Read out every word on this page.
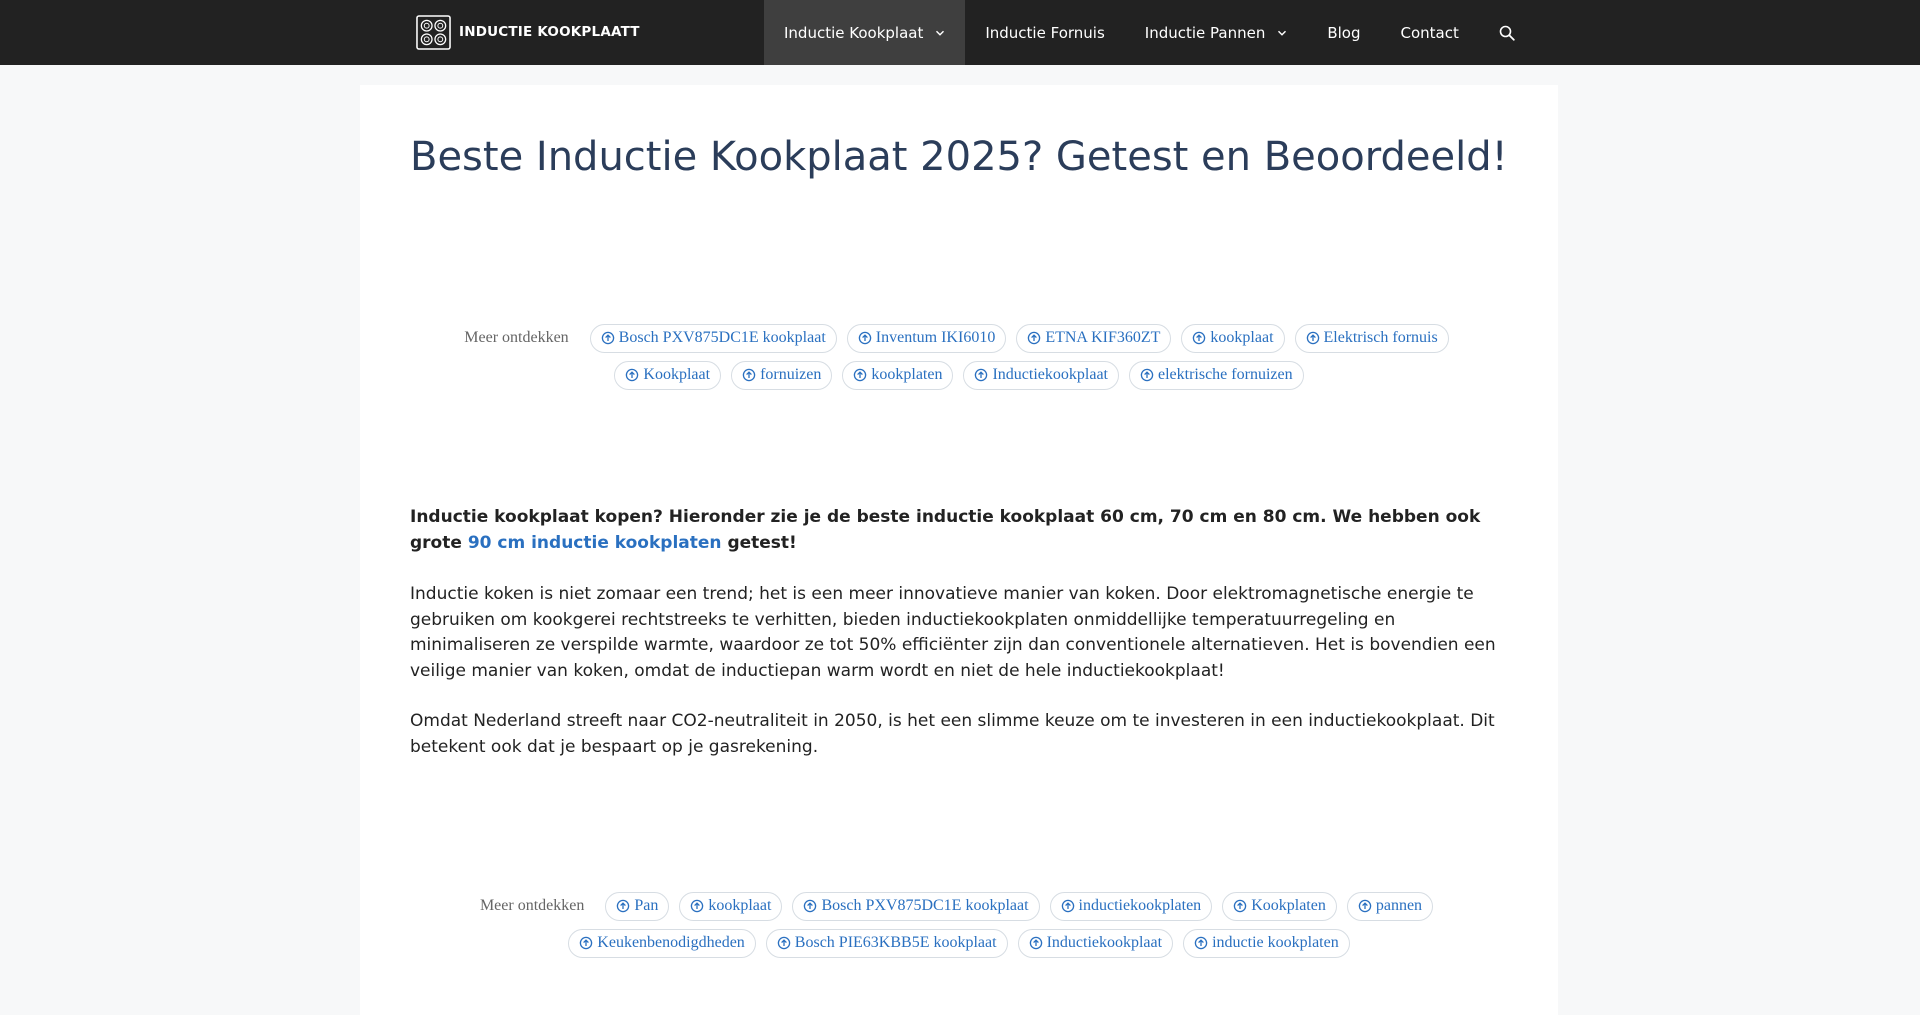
INDUCTIE KOOKPLAATT	Inductie Kookplaat	Inductie Fornuis	Inductie Pannen	Blog	Contact
Beste Inductie Kookplaat 2025? Getest en Beoordeeld!
Meer ontdekken	Bosch PXV875DC1E kookplaat	Inventum IKI6010	ETNA KIF360ZT	kookplaat	Elektrisch fornuis
Kookplaat	fornuizen	kookplaten	Inductiekookplaat	elektrische fornuizen

Inductie kookplaat kopen? Hieronder zie je de beste inductie kookplaat 60 cm, 70 cm en 80 cm. We hebben ook grote 90 cm inductie kookplaten getest!

Inductie koken is niet zomaar een trend; het is een meer innovatieve manier van koken. Door elektromagnetische energie te gebruiken om kookgerei rechtstreeks te verhitten, bieden inductiekookplaten onmiddellijke temperatuurregeling en minimaliseren ze verspilde warmte, waardoor ze tot 50% efficiënter zijn dan conventionele alternatieven. Het is bovendien een veilige manier van koken, omdat de inductiepan warm wordt en niet de hele inductiekookplaat!

Omdat Nederland streeft naar CO2-neutraliteit in 2050, is het een slimme keuze om te investeren in een inductiekookplaat. Dit betekent ook dat je bespaart op je gasrekening.

Meer ontdekken	Pan	kookplaat	Bosch PXV875DC1E kookplaat	inductiekookplaten	Kookplaten	pannen
Keukenbenodigdheden	Bosch PIE63KBB5E kookplaat	Inductiekookplaat	inductie kookplaten
